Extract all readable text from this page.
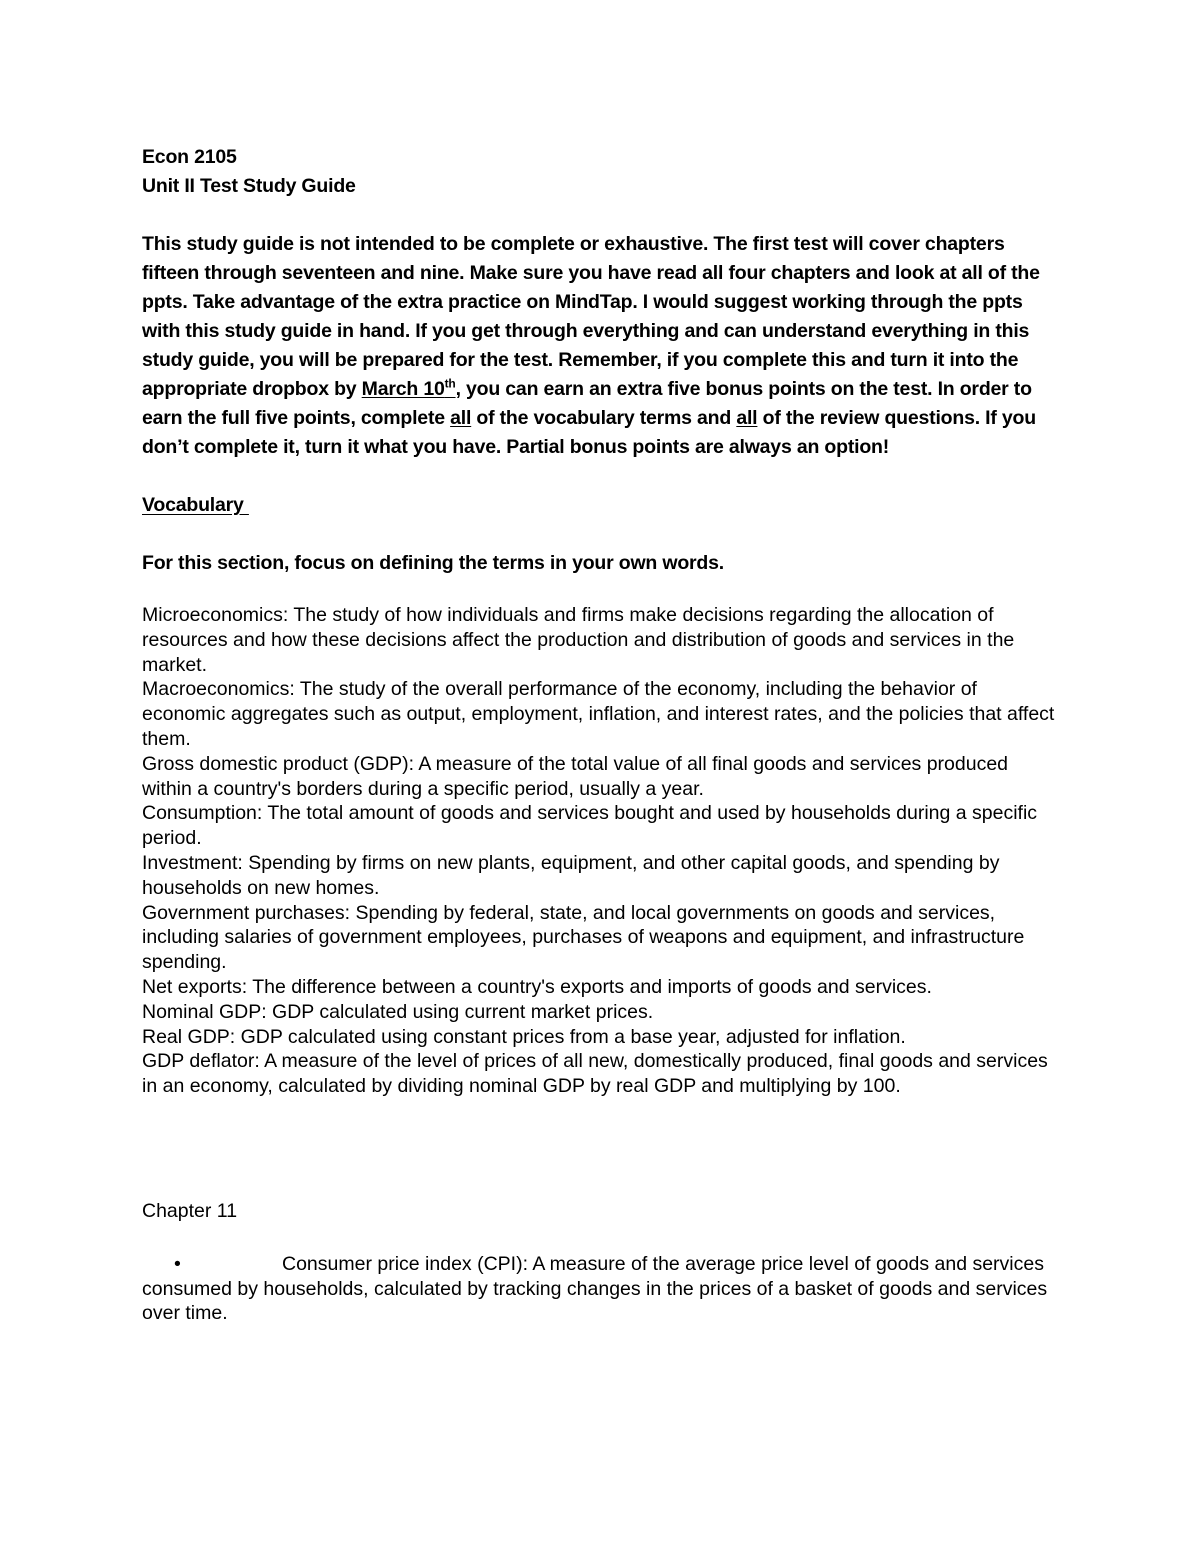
Econ 2105
Unit II Test Study Guide
This study guide is not intended to be complete or exhaustive. The first test will cover chapters fifteen through seventeen and nine. Make sure you have read all four chapters and look at all of the ppts. Take advantage of the extra practice on MindTap. I would suggest working through the ppts with this study guide in hand. If you get through everything and can understand everything in this study guide, you will be prepared for the test. Remember, if you complete this and turn it into the appropriate dropbox by March 10th, you can earn an extra five bonus points on the test. In order to earn the full five points, complete all of the vocabulary terms and all of the review questions. If you don’t complete it, turn it what you have. Partial bonus points are always an option!
Vocabulary
For this section, focus on defining the terms in your own words.

Microeconomics: The study of how individuals and firms make decisions regarding the allocation of resources and how these decisions affect the production and distribution of goods and services in the market.

Macroeconomics: The study of the overall performance of the economy, including the behavior of economic aggregates such as output, employment, inflation, and interest rates, and the policies that affect them.

Gross domestic product (GDP): A measure of the total value of all final goods and services produced within a country's borders during a specific period, usually a year.

Consumption: The total amount of goods and services bought and used by households during a specific period.

Investment: Spending by firms on new plants, equipment, and other capital goods, and spending by households on new homes.

Government purchases: Spending by federal, state, and local governments on goods and services, including salaries of government employees, purchases of weapons and equipment, and infrastructure spending.

Net exports: The difference between a country's exports and imports of goods and services.

Nominal GDP: GDP calculated using current market prices.

Real GDP: GDP calculated using constant prices from a base year, adjusted for inflation.

GDP deflator: A measure of the level of prices of all new, domestically produced, final goods and services in an economy, calculated by dividing nominal GDP by real GDP and multiplying by 100.

Chapter 11
•	Consumer price index (CPI): A measure of the average price level of goods and services consumed by households, calculated by tracking changes in the prices of a basket of goods and services over time.
